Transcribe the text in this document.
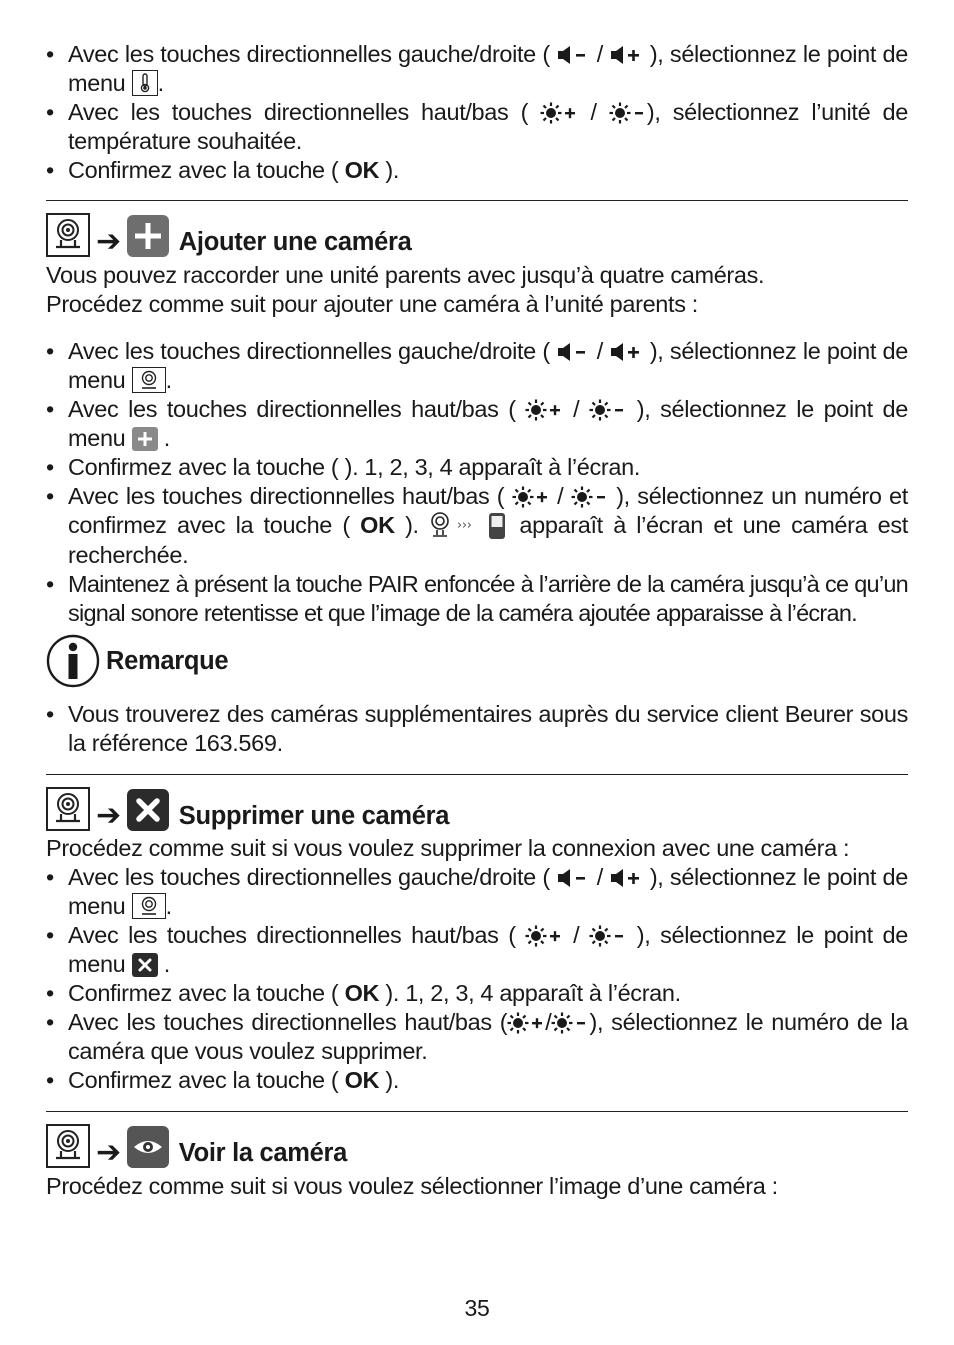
• Avec les touches directionnelles gauche/droite ( / ), sélectionnez le point de menu .
• Avec les touches directionnelles haut/bas (	/ ), sélectionnez l’unité de température souhaitée.
• Confirmez avec la touche ( OK ).
➔ Ajouter une caméra

Vous pouvez raccorder une unité parents avec jusqu’à quatre caméras.

Procédez comme suit pour ajouter une caméra à l’unité parents :

• Avec les touches directionnelles gauche/droite ( / ), sélectionnez le point de menu .
• Avec les touches directionnelles haut/bas ( / ), sélectionnez le point de menu
.
• Confirmez avec la touche ( ). 1, 2, 3, 4 apparaît à l’écran.
• Avec les touches directionnelles haut/bas ( / ), sélectionnez un numéro et confirmez avec la touche ( OK ).	››› apparaît à l’écran et une caméra est recherchée.
• Maintenez à présent la touche PAIR enfoncée à l’arrière de la caméra jusqu’à ce qu’un signal sonore retentisse et que l’image de la caméra ajoutée apparaisse à l’écran.
Remarque
• Vous trouverez des caméras supplémentaires auprès du service client Beurer sous la référence 163.569.
➔ Supprimer une caméra

Procédez comme suit si vous voulez supprimer la connexion avec une caméra :

• Avec les touches directionnelles gauche/droite ( / ), sélectionnez le point de menu .
• Avec les touches directionnelles haut/bas ( / ), sélectionnez le point de menu
.
• Confirmez avec la touche ( OK ). 1, 2, 3, 4 apparaît à l’écran.
• Avec les touches directionnelles haut/bas ( / ), sélectionnez le numéro de la caméra que vous voulez supprimer.
• Confirmez avec la touche ( OK ).
➔ Voir la caméra

Procédez comme suit si vous voulez sélectionner l’image d’une caméra :

35
